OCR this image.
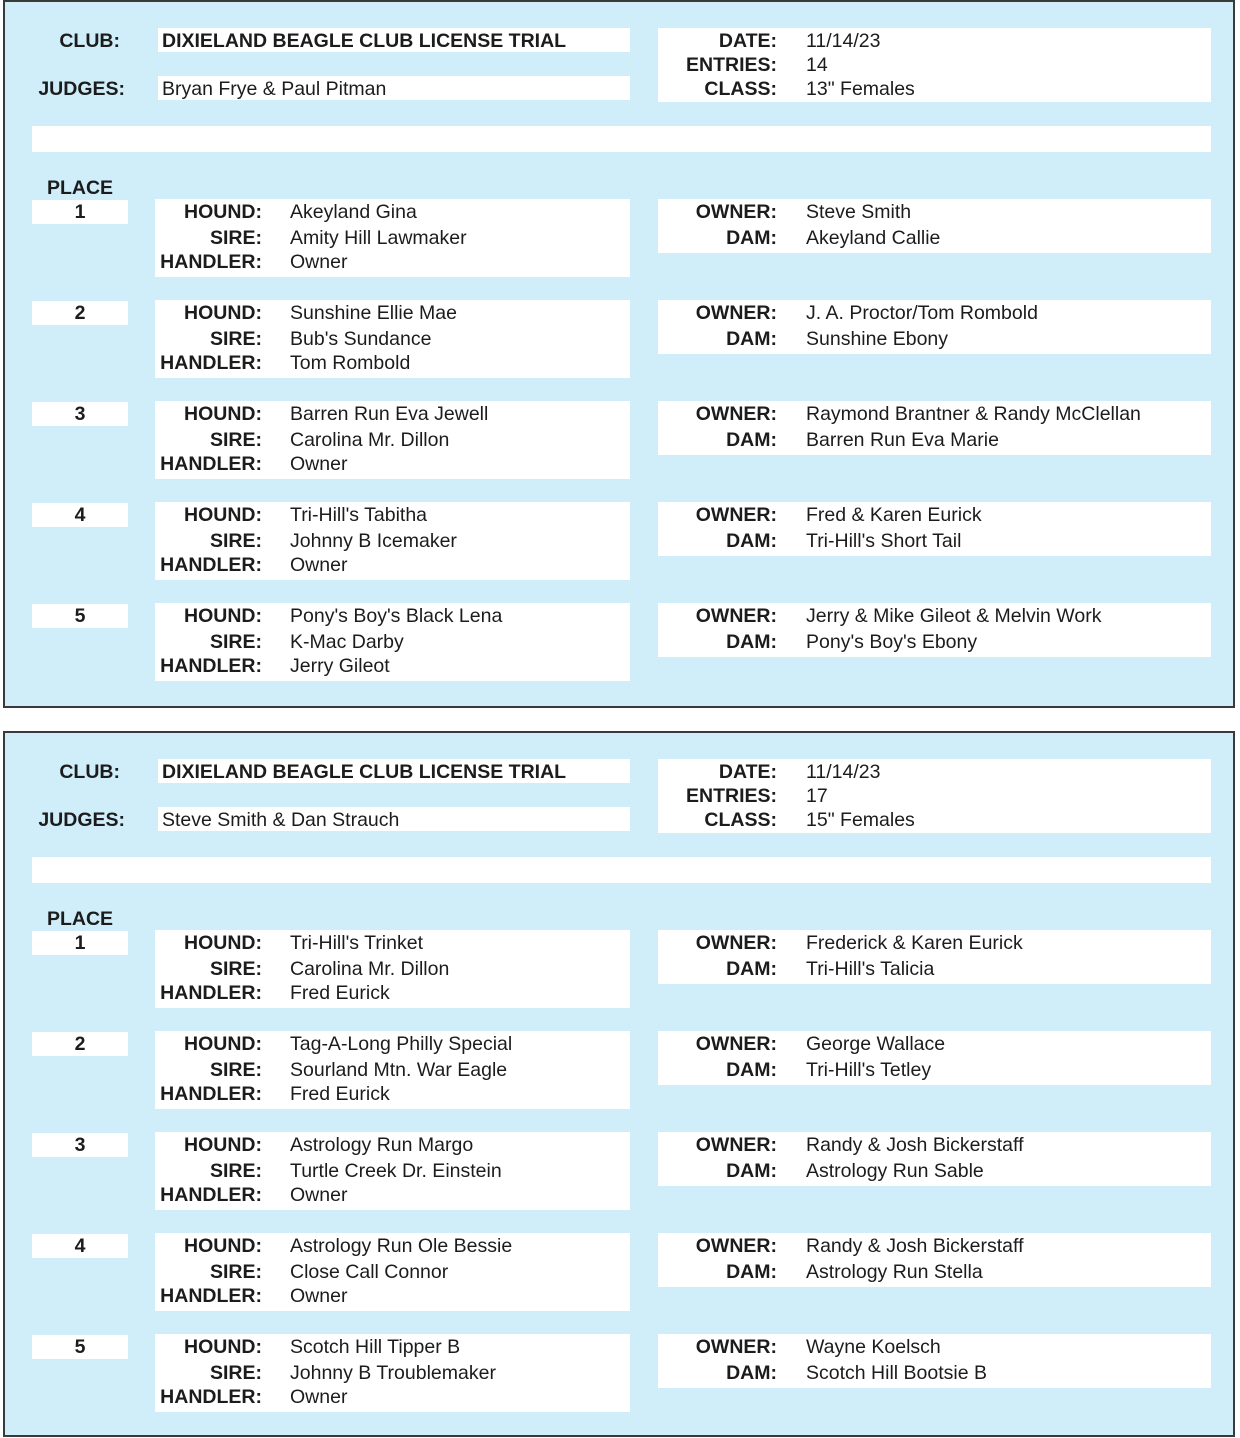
CLUB: DIXIELAND BEAGLE CLUB LICENSE TRIAL
JUDGES: Bryan Frye & Paul Pitman
DATE: 11/14/23
ENTRIES: 14
CLASS: 13" Females
PLACE
1	HOUND: Akeyland Gina
SIRE: Amity Hill Lawmaker
HANDLER: Owner
OWNER: Steve Smith
DAM: Akeyland Callie
2	HOUND: Sunshine Ellie Mae
SIRE: Bub's Sundance
HANDLER: Tom Rombold
OWNER: J. A. Proctor/Tom Rombold
DAM: Sunshine Ebony
3	HOUND: Barren Run Eva Jewell
SIRE: Carolina Mr. Dillon
HANDLER: Owner
OWNER: Raymond Brantner & Randy McClellan
DAM: Barren Run Eva Marie
4	HOUND: Tri-Hill's Tabitha
SIRE: Johnny B Icemaker
HANDLER: Owner
OWNER: Fred & Karen Eurick
DAM: Tri-Hill's Short Tail
5	HOUND: Pony's Boy's Black Lena
SIRE: K-Mac Darby
HANDLER: Jerry Gileot
OWNER: Jerry & Mike Gileot & Melvin Work
DAM: Pony's Boy's Ebony
CLUB: DIXIELAND BEAGLE CLUB LICENSE TRIAL
JUDGES: Steve Smith & Dan Strauch
DATE: 11/14/23
ENTRIES: 17
CLASS: 15" Females
PLACE
1	HOUND: Tri-Hill's Trinket
SIRE: Carolina Mr. Dillon
HANDLER: Fred Eurick
OWNER: Frederick & Karen Eurick
DAM: Tri-Hill's Talicia
2	HOUND: Tag-A-Long Philly Special
SIRE: Sourland Mtn. War Eagle
HANDLER: Fred Eurick
OWNER: George Wallace
DAM: Tri-Hill's Tetley
3	HOUND: Astrology Run Margo
SIRE: Turtle Creek Dr. Einstein
HANDLER: Owner
OWNER: Randy & Josh Bickerstaff
DAM: Astrology Run Sable
4	HOUND: Astrology Run Ole Bessie
SIRE: Close Call Connor
HANDLER: Owner
OWNER: Randy & Josh Bickerstaff
DAM: Astrology Run Stella
5	HOUND: Scotch Hill Tipper B
SIRE: Johnny B Troublemaker
HANDLER: Owner
OWNER: Wayne Koelsch
DAM: Scotch Hill Bootsie B
